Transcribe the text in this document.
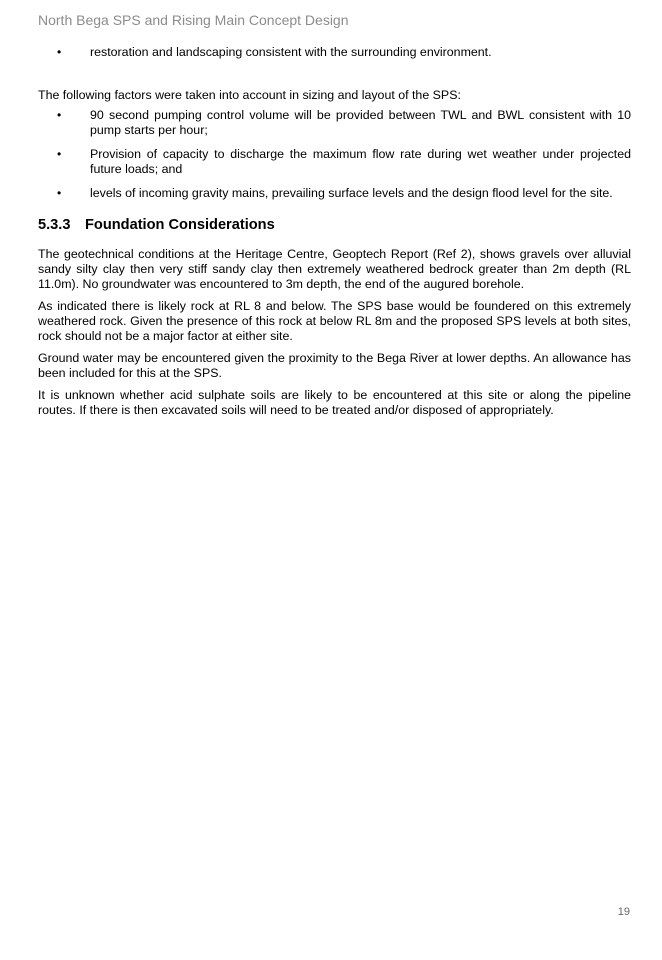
North Bega SPS and Rising Main Concept Design
• restoration and landscaping consistent with the surrounding environment.

The following factors were taken into account in sizing and layout of the SPS:

• 90 second pumping control volume will be provided between TWL and BWL consistent with 10 pump starts per hour;
• Provision of capacity to discharge the maximum flow rate during wet weather under projected future loads; and
• levels of incoming gravity mains, prevailing surface levels and the design flood level for the site.
5.3.3 Foundation Considerations

The geotechnical conditions at the Heritage Centre, Geoptech Report (Ref 2), shows gravels over alluvial sandy silty clay then very stiff sandy clay then extremely weathered bedrock greater than 2m depth (RL 11.0m). No groundwater was encountered to 3m depth, the end of the augured borehole.

As indicated there is likely rock at RL 8 and below. The SPS base would be foundered on this extremely weathered rock. Given the presence of this rock at below RL 8m and the proposed SPS levels at both sites, rock should not be a major factor at either site.

Ground water may be encountered given the proximity to the Bega River at lower depths. An allowance has been included for this at the SPS.

It is unknown whether acid sulphate soils are likely to be encountered at this site or along the pipeline routes. If there is then excavated soils will need to be treated and/or disposed of appropriately.

19
